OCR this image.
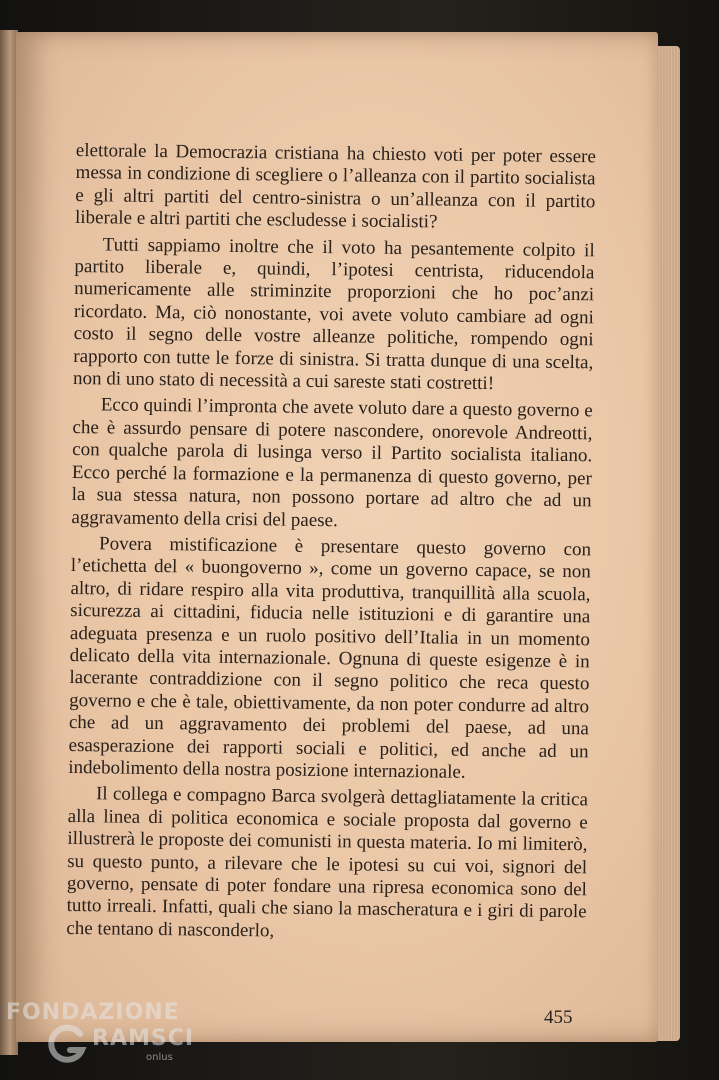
elettorale la Democrazia cristiana ha chiesto voti per poter essere messa in condizione di scegliere o l’alleanza con il partito socialista e gli altri partiti del centro-sinistra o un’alleanza con il partito liberale e altri partiti che escludesse i socialisti?

Tutti sappiamo inoltre che il voto ha pesantemente colpito il partito liberale e, quindi, l’ipotesi centrista, riducendola numericamente alle striminzite proporzioni che ho poc’anzi ricordato. Ma, ciò nonostante, voi avete voluto cambiare ad ogni costo il segno delle vostre alleanze politiche, rompendo ogni rapporto con tutte le forze di sinistra. Si tratta dunque di una scelta, non di uno stato di necessità a cui sareste stati costretti!

Ecco quindi l’impronta che avete voluto dare a questo governo e che è assurdo pensare di potere nascondere, onorevole Andreotti, con qualche parola di lusinga verso il Partito socialista italiano. Ecco perché la formazione e la permanenza di questo governo, per la sua stessa natura, non possono portare ad altro che ad un aggravamento della crisi del paese.

Povera mistificazione è presentare questo governo con l’etichetta del « buongoverno », come un governo capace, se non altro, di ridare respiro alla vita produttiva, tranquillità alla scuola, sicurezza ai cittadini, fiducia nelle istituzioni e di garantire una adeguata presenza e un ruolo positivo dell’Italia in un momento delicato della vita internazionale. Ognuna di queste esigenze è in lacerante contraddizione con il segno politico che reca questo governo e che è tale, obiettivamente, da non poter condurre ad altro che ad un aggravamento dei problemi del paese, ad una esasperazione dei rapporti sociali e politici, ed anche ad un indebolimento della nostra posizione internazionale.

Il collega e compagno Barca svolgerà dettagliatamente la critica alla linea di politica economica e sociale proposta dal governo e illustrerà le proposte dei comunisti in questa materia. Io mi limiterò, su questo punto, a rilevare che le ipotesi su cui voi, signori del governo, pensate di poter fondare una ripresa economica sono del tutto irreali. Infatti, quali che siano la mascheratura e i giri di parole che tentano di nasconderlo,

455
FONDAZIONE
RAMSCI
onlus
